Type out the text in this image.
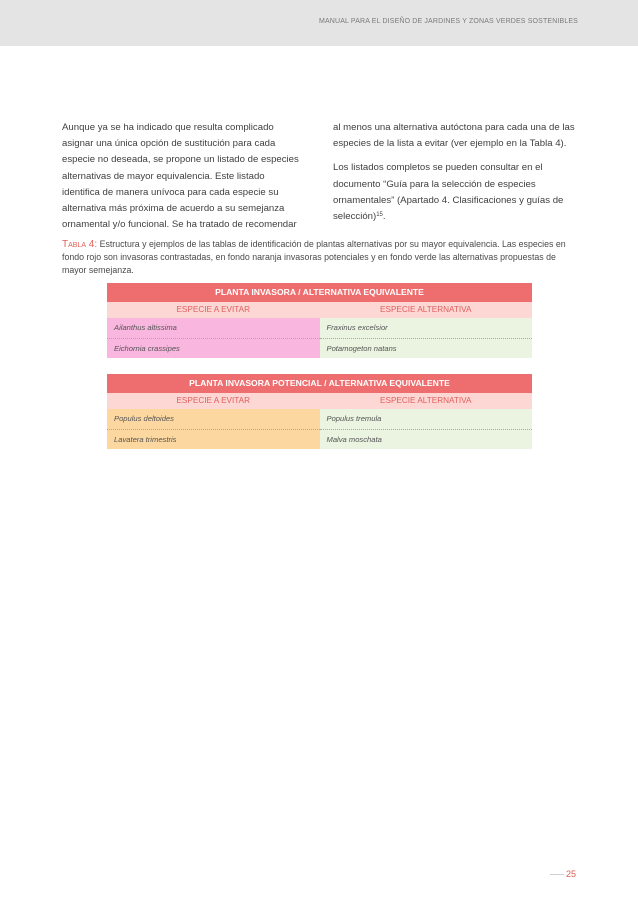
MANUAL PARA EL DISEÑO DE JARDINES Y ZONAS VERDES SOSTENIBLES

Aunque ya se ha indicado que resulta complicado asignar una única opción de sustitución para cada especie no deseada, se propone un listado de especies alternativas de mayor equivalencia. Este listado identifica de manera unívoca para cada especie su alternativa más próxima de acuerdo a su semejanza ornamental y/o funcional. Se ha tratado de recomendar

al menos una alternativa autóctona para cada una de las especies de la lista a evitar (ver ejemplo en la Tabla 4).

Los listados completos se pueden consultar en el documento “Guía para la selección de especies ornamentales” (Apartado 4. Clasificaciones y guías de selección)$^{15}$.

Tabla 4: Estructura y ejemplos de las tablas de identificación de plantas alternativas por su mayor equivalencia. Las especies en fondo rojo son invasoras contrastadas, en fondo naranja invasoras potenciales y en fondo verde las alternativas propuestas de mayor semejanza.
PLANTA INVASORA / ALTERNATIVA EQUIVALENTE
ESPECIE A EVITAR	ESPECIE ALTERNATIVA
Ailanthus altissima	Fraxinus excelsior
Eichornia crassipes	Potamogeton natans
PLANTA INVASORA POTENCIAL / ALTERNATIVA EQUIVALENTE
ESPECIE A EVITAR	ESPECIE ALTERNATIVA
Populus deltoides	Populus tremula
Lavatera trimestris	Malva moschata
25
